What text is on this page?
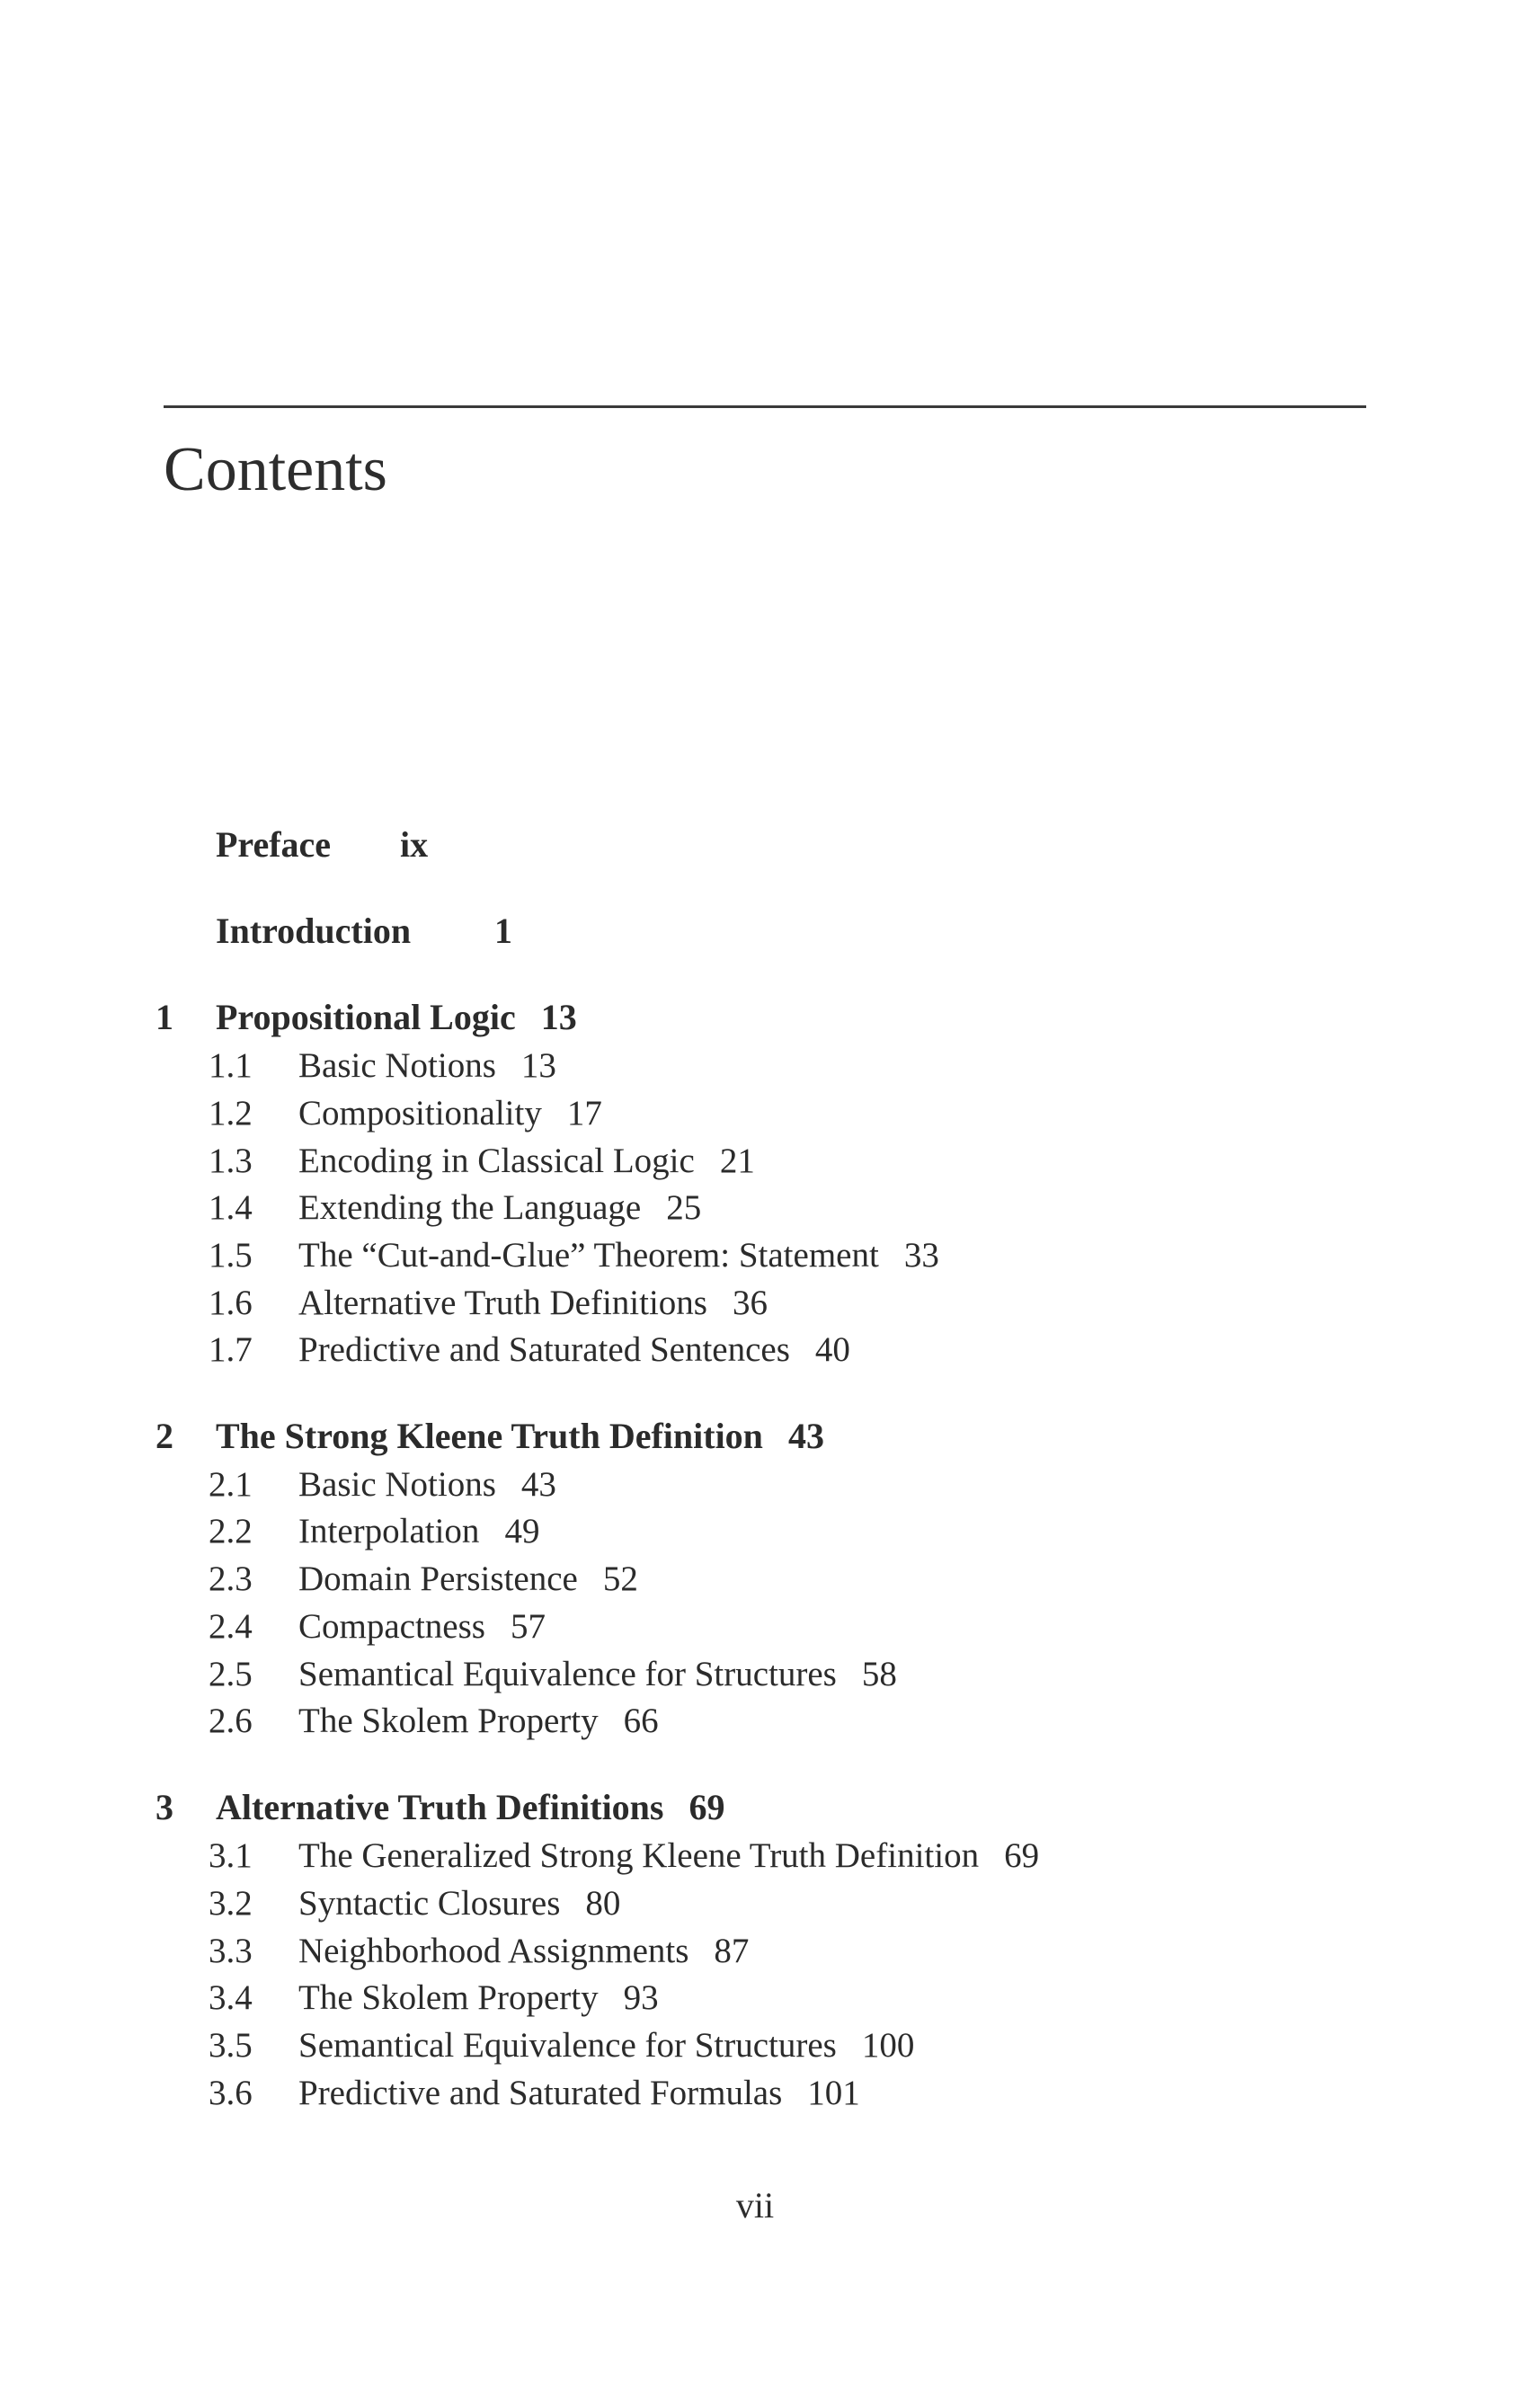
Contents
Preface ix
Introduction 1
1 Propositional Logic 13
1.1 Basic Notions 13
1.2 Compositionality 17
1.3 Encoding in Classical Logic 21
1.4 Extending the Language 25
1.5 The “Cut-and-Glue” Theorem: Statement 33
1.6 Alternative Truth Definitions 36
1.7 Predictive and Saturated Sentences 40
2 The Strong Kleene Truth Definition 43
2.1 Basic Notions 43
2.2 Interpolation 49
2.3 Domain Persistence 52
2.4 Compactness 57
2.5 Semantical Equivalence for Structures 58
2.6 The Skolem Property 66
3 Alternative Truth Definitions 69
3.1 The Generalized Strong Kleene Truth Definition 69
3.2 Syntactic Closures 80
3.3 Neighborhood Assignments 87
3.4 The Skolem Property 93
3.5 Semantical Equivalence for Structures 100
3.6 Predictive and Saturated Formulas 101
vii
